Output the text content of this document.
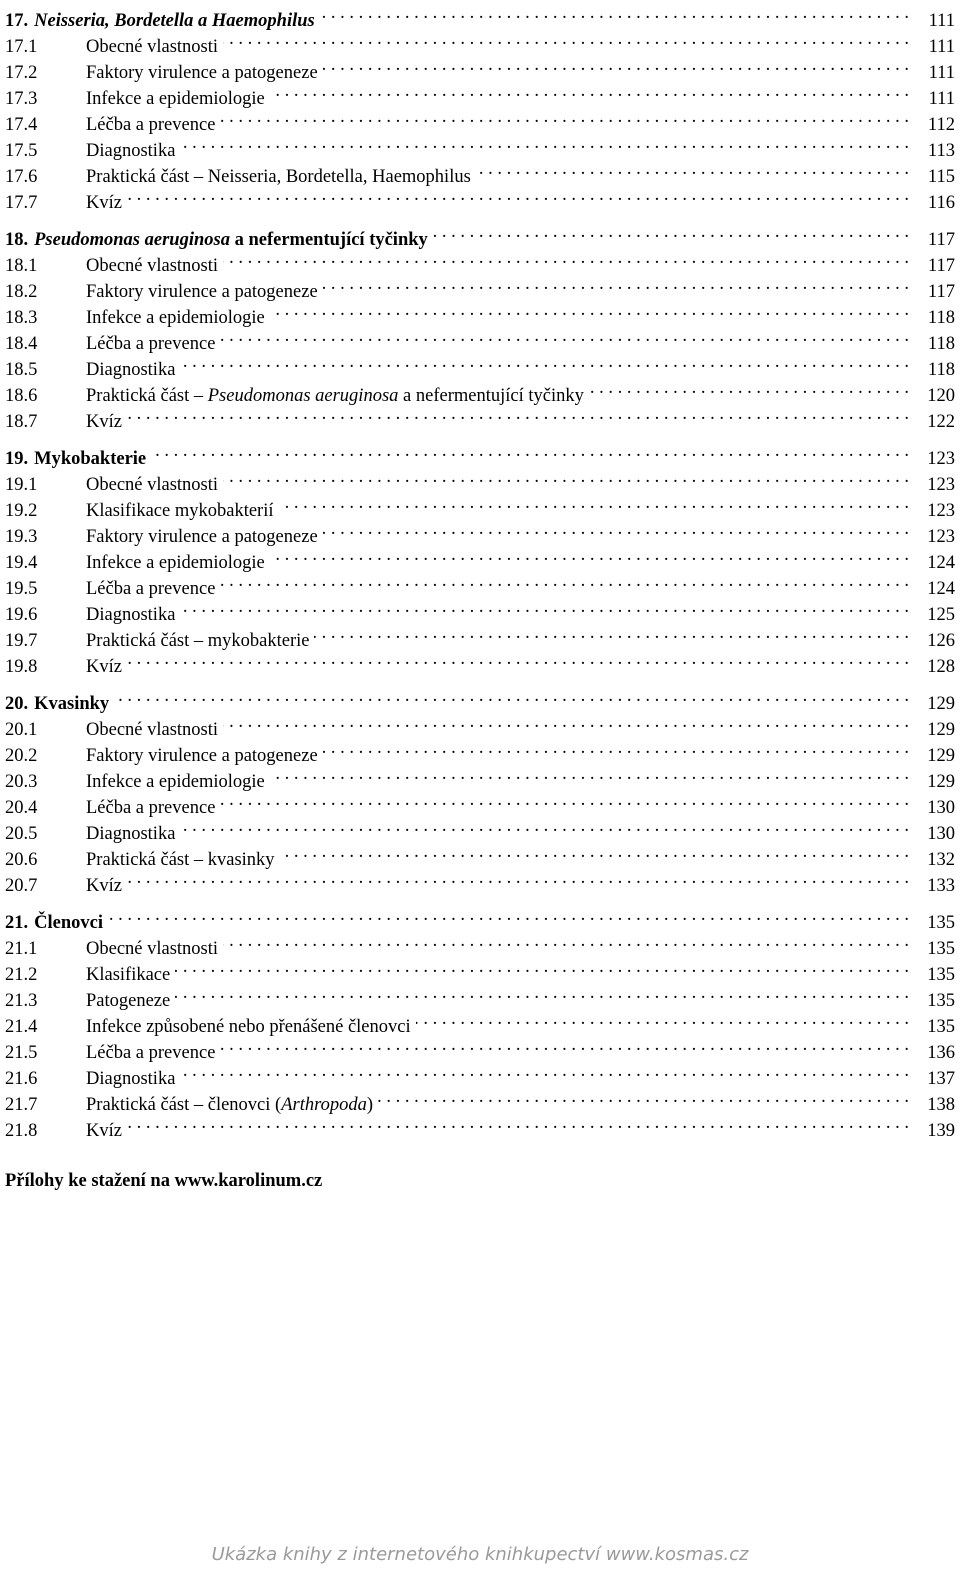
17. Neisseria, Bordetella a Haemophilus . . .	111
17.1	Obecné vlastnosti . . .	111
17.2	Faktory virulence a patogeneze . . .	111
17.3	Infekce a epidemiologie . . .	111
17.4	Léčba a prevence . . .	112
17.5	Diagnostika . . .	113
17.6	Praktická část – Neisseria, Bordetella, Haemophilus . . .	115
17.7	Kvíz . . .	116
18. Pseudomonas aeruginosa a nefermentující tyčinky . . .	117
18.1	Obecné vlastnosti . . .	117
18.2	Faktory virulence a patogeneze . . .	117
18.3	Infekce a epidemiologie . . .	118
18.4	Léčba a prevence . . .	118
18.5	Diagnostika . . .	118
18.6	Praktická část – Pseudomonas aeruginosa a nefermentující tyčinky . . .	120
18.7	Kvíz . . .	122
19. Mykobakterie . . .	123
19.1	Obecné vlastnosti . . .	123
19.2	Klasifikace mykobakterií . . .	123
19.3	Faktory virulence a patogeneze . . .	123
19.4	Infekce a epidemiologie . . .	124
19.5	Léčba a prevence . . .	124
19.6	Diagnostika . . .	125
19.7	Praktická část – mykobakterie . . .	126
19.8	Kvíz . . .	128
20. Kvasinky . . .	129
20.1	Obecné vlastnosti . . .	129
20.2	Faktory virulence a patogeneze . . .	129
20.3	Infekce a epidemiologie . . .	129
20.4	Léčba a prevence . . .	130
20.5	Diagnostika . . .	130
20.6	Praktická část – kvasinky . . .	132
20.7	Kvíz . . .	133
21. Členovci . . .	135
21.1	Obecné vlastnosti . . .	135
21.2	Klasifikace . . .	135
21.3	Patogeneze . . .	135
21.4	Infekce způsobené nebo přenášené členovci . . .	135
21.5	Léčba a prevence . . .	136
21.6	Diagnostika . . .	137
21.7	Praktická část – členovci (Arthropoda) . . .	138
21.8	Kvíz . . .	139
Přílohy ke stažení na www.karolinum.cz
Ukázka knihy z internetového knihkupectví www.kosmas.cz
